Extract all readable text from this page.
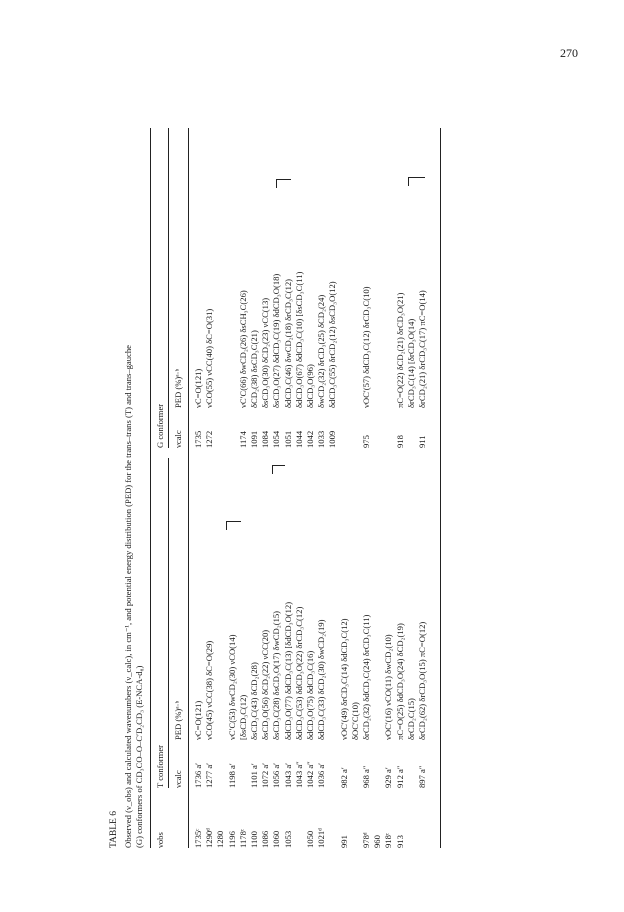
270
TABLE 6 Observed (ν_obs) and calculated wavenumbers (ν_calc), in cm⁻¹, and potential energy distribution (PED) for the trans–trans (T) and trans–gauche (G) conformers of CD₃CO–O–C′D₂CD₃ (E-NCA-d₈) νobs
T conformer
G conformer
νcalc
PED (%)ᵃ·ᵇ
νcalc
PED (%)ᵃ·ᵇ
1735ᶜ
1736 a′
νC=O(121)
1735
νC=O(121)
1290ᵈ
1277 a′
νCO(45) νCC(38) δC=O(29)
1272
νCO(55) νCC(40) δC=O(31)
1280 1196
1198 a′
νC′C(53) δwCD₂(30) νCO(14)
1178ᶜ
[δsCD₃C(12)
1174
νC′C(66) δwCD₂(26) δsCH₃C(26)
1100
1101 a′
δsCD₃C(43) δCD₂(28)
1091
δCD₂(38) δsCD₃C(21)
1086
1072 a′
δsCD₃O(56) δCD₂(22) νCC(20)
1084
δsCD₃O(30) δCD₂(23) νCC(13)
1060
1056 a′
δsCD₃C(28) δsCD₃O(17) δwCD₂(15)
1054
δsCD₃O(27) δdCD₃C(19) δdCD₃O(18)
1053
1043 a′
δdCD₃O(77) δdCD₃C(13) [δdCD₃O(12)
1051
δdCD₃C(46) δwCD₂(18) δrCD₃C(12)
1043 a″
δdCD₃C(53) δdCD₃O(22) δrCD₃C(12)
1044
δdCD₃O(67) δdCD₃C(10) [δsCD₃C(11)
1050
1042 a″
δdCD₃O(75) δdCD₃C(16)
1042
δdCD₃O(96)
1021ᵈ
1036 a′
δdCD₃C(33) δCD₂(30) δwCD₂(19)
1033
δwCD₂(32) δrCD₃(25) δCD₂(24)
1009
δdCD₃C(55) δrCD₂(12) δsCD₃O(12)
991
982 a′
νOC′(49) δrCD₃C(14) δdCD₃C(12) δOC′C(10)
978ᵈ
968 a″
δrCD₂(32) δdCD₃C(24) δrCD₃C(11)
975
νOC′(57) δdCD₃C(12) δrCD₃C(10)
960 918ᶜ
929 a′
νOC′(16) νCO(11) δwCD₂(10)
913
912 a″
πC=O(25) δdCD₃O(24) δCD₂(19)
918
πC=O(22) δCD₂(21) δrCD₃O(21)
δrCD₂C(15)
δrCD₃C(14) [δrCD₃O(14)
897 a″
δrCD₂(62) δrCD₃O(15) πC=O(12)
911
δrCD₂(21) δrCD₃C(17) πC=O(14)
